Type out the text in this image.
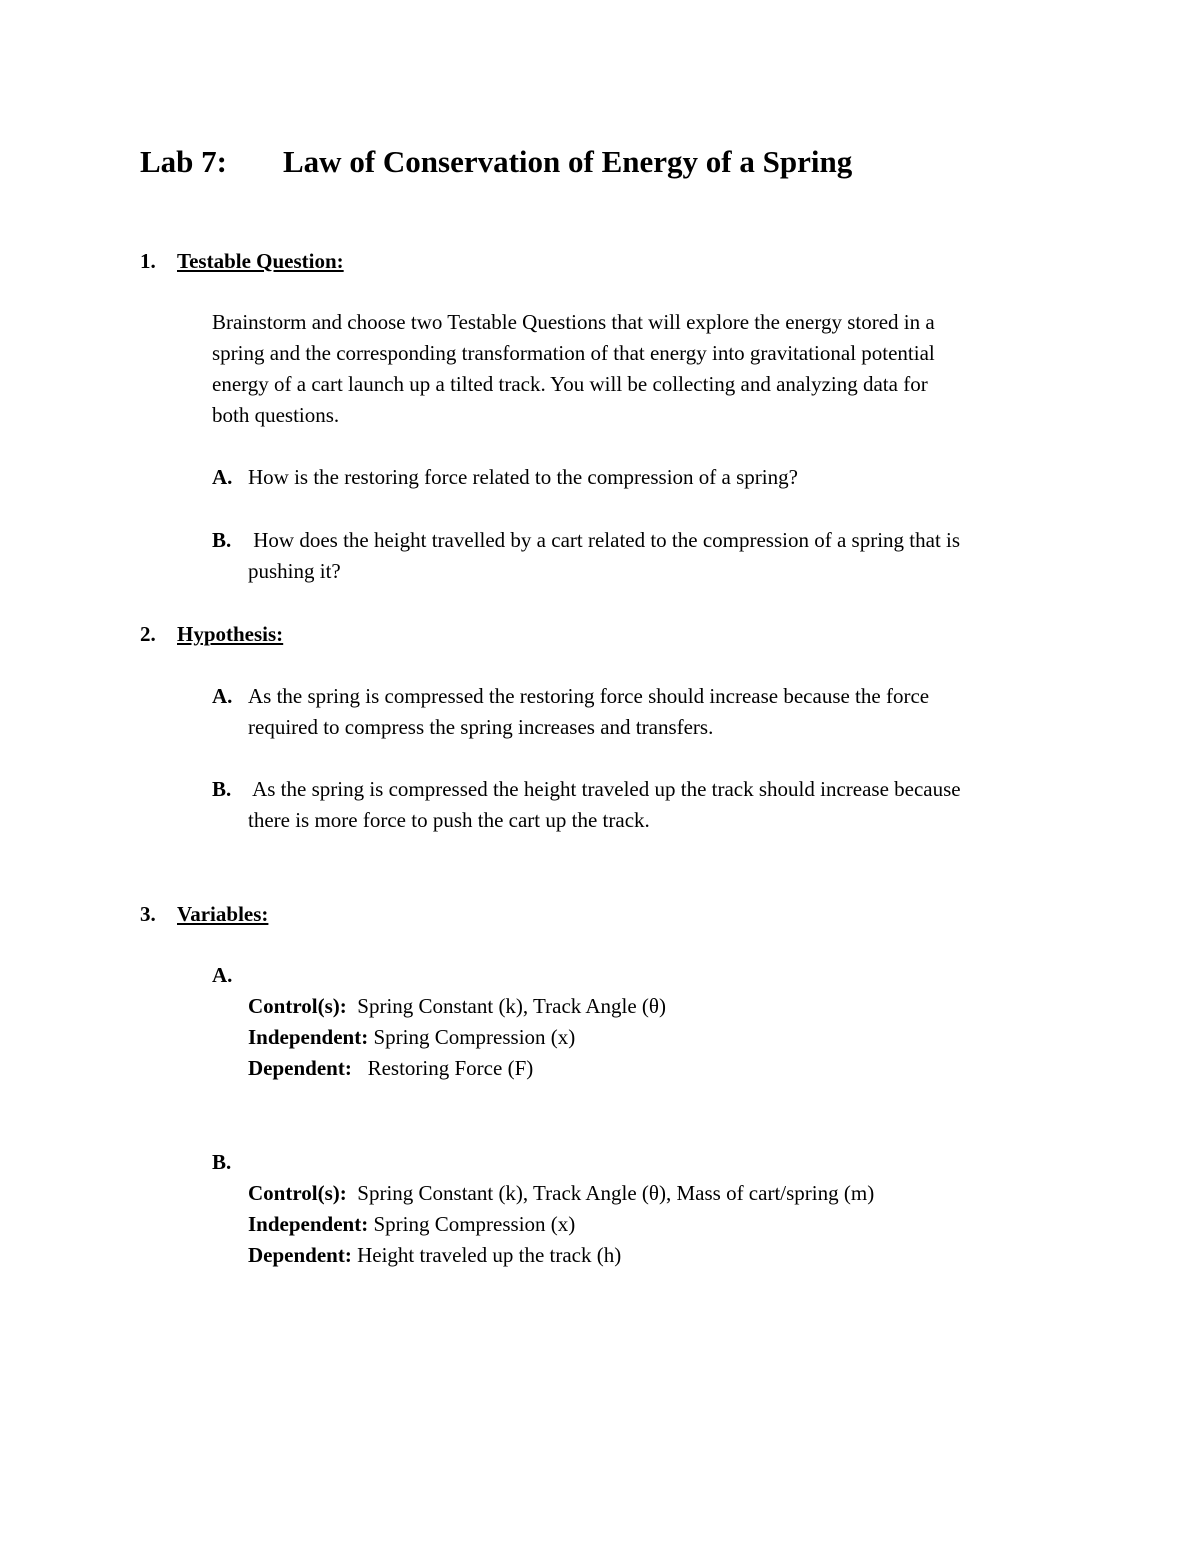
Lab 7: Law of Conservation of Energy of a Spring
1. Testable Question:
Brainstorm and choose two Testable Questions that will explore the energy stored in a
spring and the corresponding transformation of that energy into gravitational potential
energy of a cart launch up a tilted track. You will be collecting and analyzing data for
both questions.
A. How is the restoring force related to the compression of a spring?
B. How does the height travelled by a cart related to the compression of a spring that is
pushing it?
2. Hypothesis:
A. As the spring is compressed the restoring force should increase because the force
required to compress the spring increases and transfers.
B. As the spring is compressed the height traveled up the track should increase because
there is more force to push the cart up the track.
3. Variables:
A.
Control(s):  Spring Constant (k), Track Angle (θ)
Independent: Spring Compression (x)
Dependent:   Restoring Force (F)
B.
Control(s):  Spring Constant (k), Track Angle (θ), Mass of cart/spring (m)
Independent: Spring Compression (x)
Dependent: Height traveled up the track (h)
